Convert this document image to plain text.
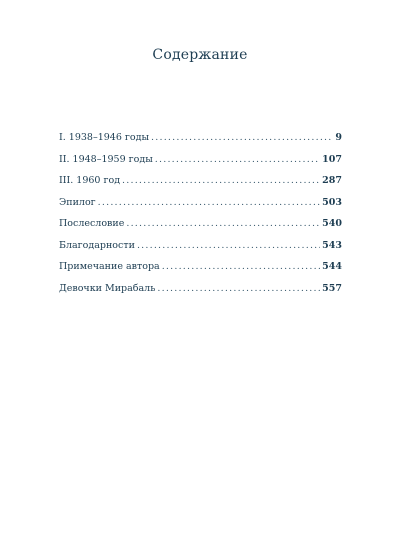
Содержание
I. 1938–1946 годы .....	9
II. 1948–1959 годы .....	107
III. 1960 год .....	287
Эпилог .....	503
Послесловие .....	540
Благодарности .....	543
Примечание автора .....	544
Девочки Мирабаль .....	557
